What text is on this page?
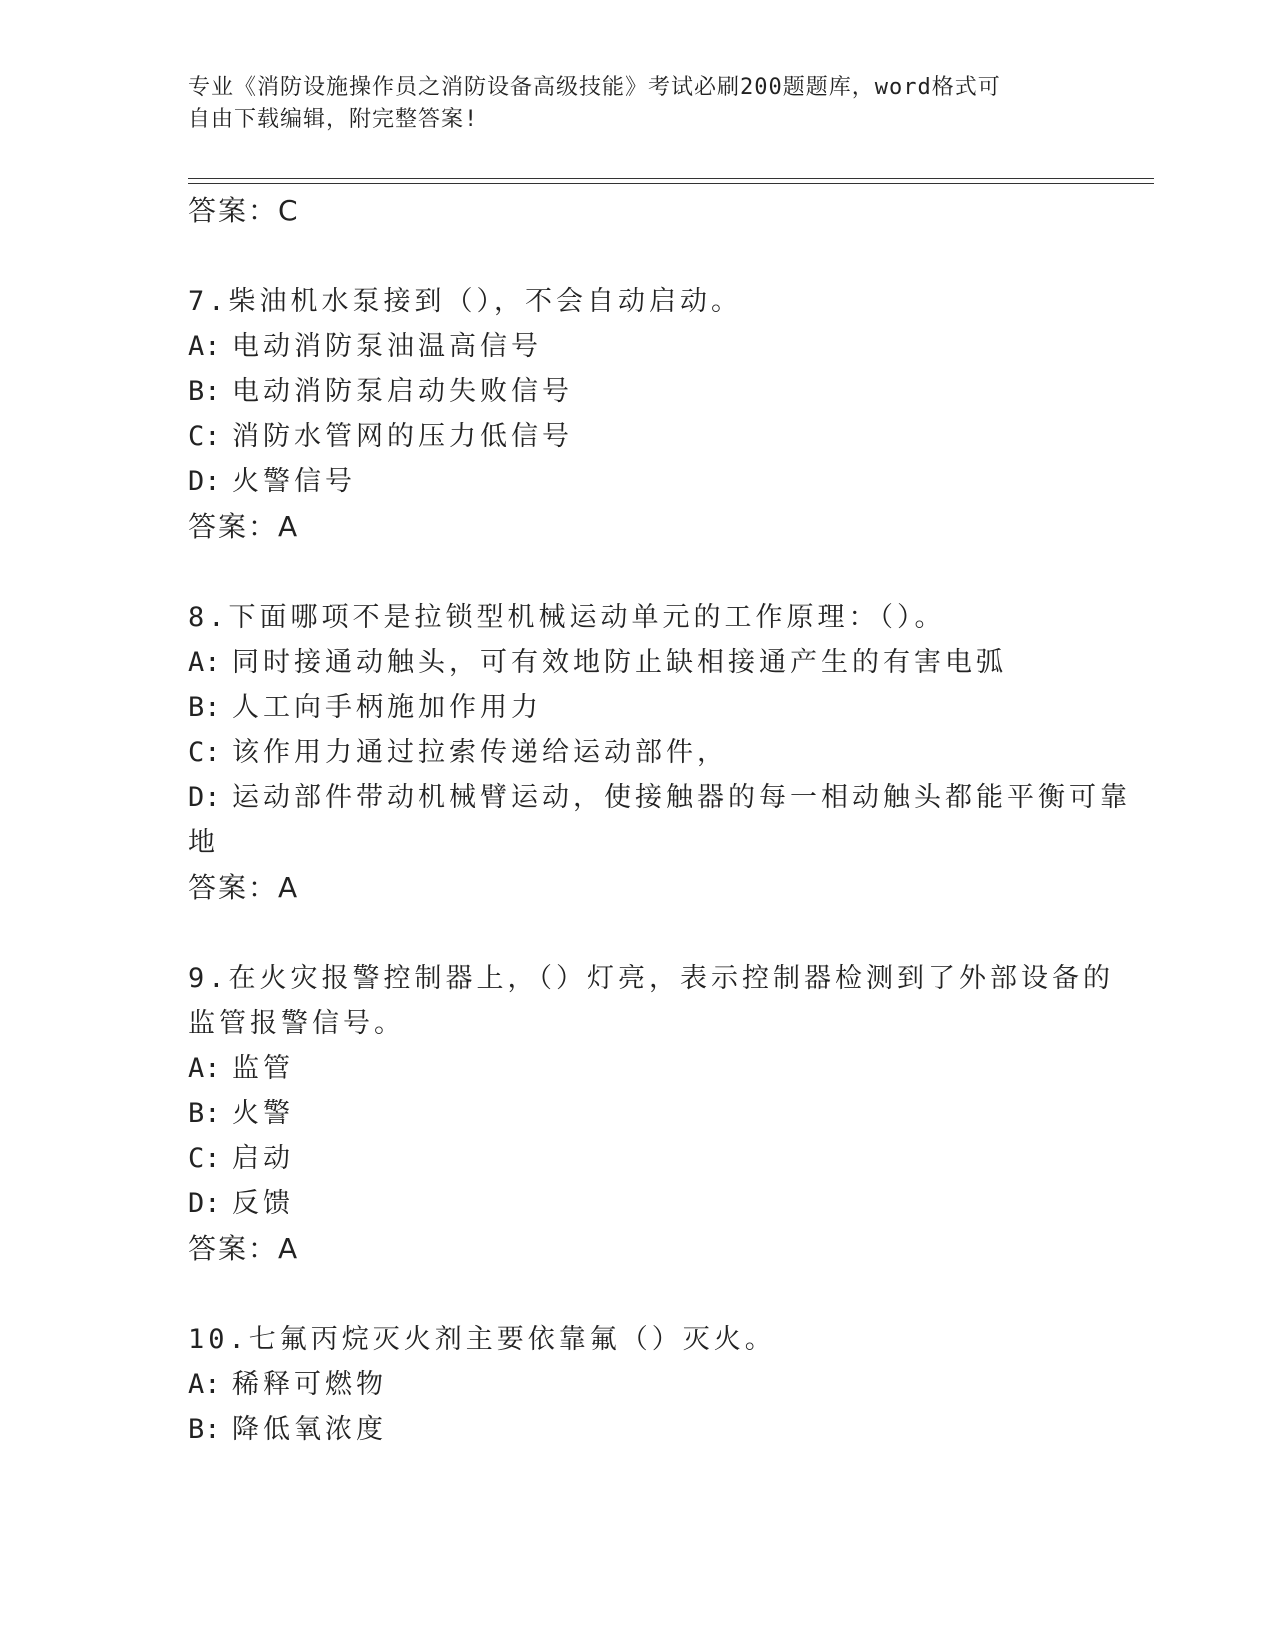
专业《消防设施操作员之消防设备高级技能》考试必刷200题题库，word格式可
自由下载编辑，附完整答案!
答案：C
7.柴油机水泵接到（），不会自动启动。
A: 电动消防泵油温高信号
B: 电动消防泵启动失败信号
C: 消防水管网的压力低信号
D: 火警信号
答案：A
8.下面哪项不是拉锁型机械运动单元的工作原理：（）。
A: 同时接通动触头，可有效地防止缺相接通产生的有害电弧
B: 人工向手柄施加作用力
C: 该作用力通过拉索传递给运动部件，
D: 运动部件带动机械臂运动，使接触器的每一相动触头都能平衡可靠
地
答案：A
9.在火灾报警控制器上，（）灯亮，表示控制器检测到了外部设备的
监管报警信号。
A: 监管
B: 火警
C: 启动
D: 反馈
答案：A
10.七氟丙烷灭火剂主要依靠氟（）灭火。
A: 稀释可燃物
B: 降低氧浓度
